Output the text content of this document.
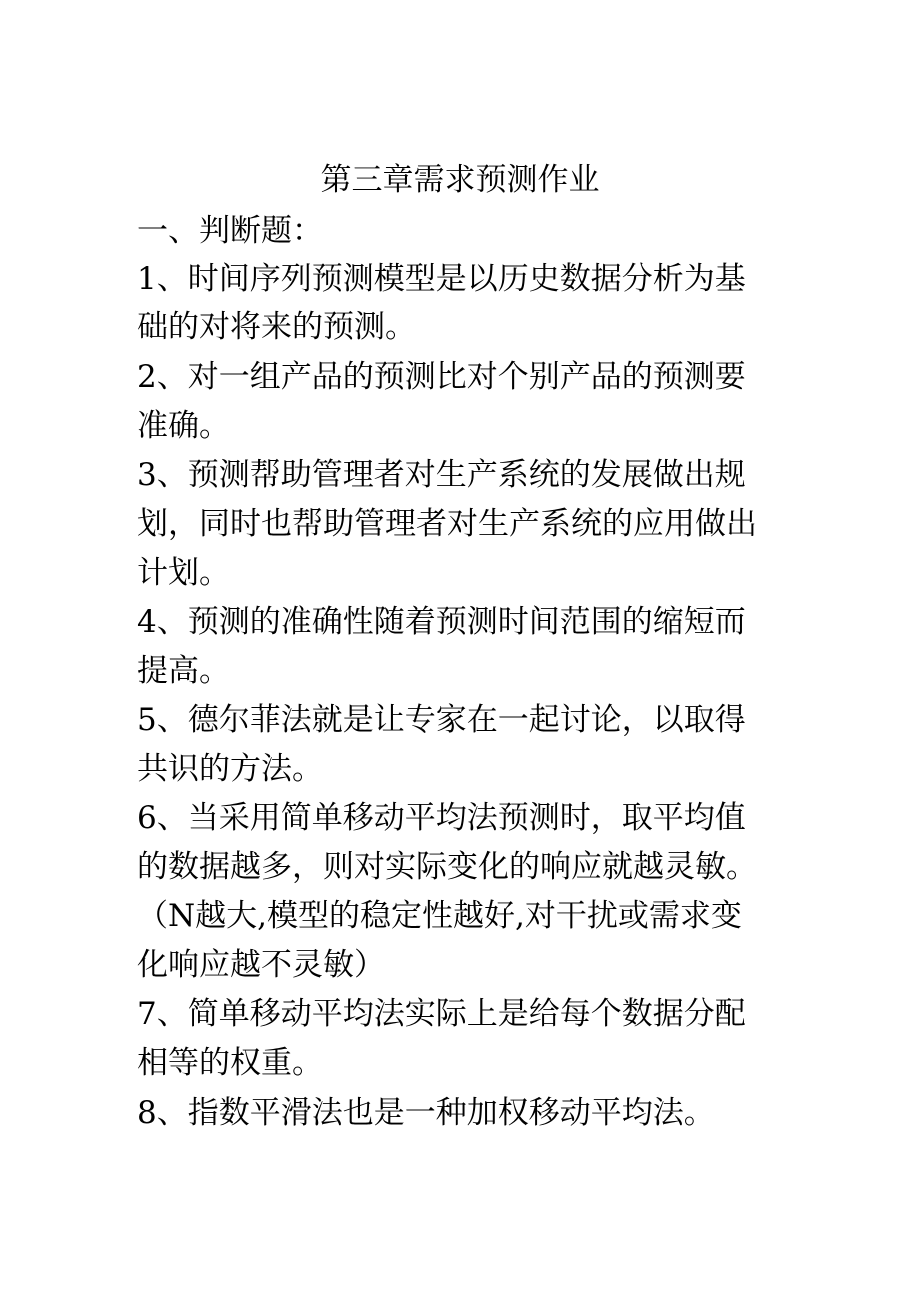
第三章需求预测作业
一、判断题：
1、时间序列预测模型是以历史数据分析为基
础的对将来的预测。
2、对一组产品的预测比对个别产品的预测要
准确。
3、预测帮助管理者对生产系统的发展做出规
划，同时也帮助管理者对生产系统的应用做出
计划。
4、预测的准确性随着预测时间范围的缩短而
提高。
5、德尔菲法就是让专家在一起讨论，以取得
共识的方法。
6、当采用简单移动平均法预测时，取平均值
的数据越多，则对实际变化的响应就越灵敏。
（N越大,模型的稳定性越好,对干扰或需求变
化响应越不灵敏）
7、简单移动平均法实际上是给每个数据分配
相等的权重。
8、指数平滑法也是一种加权移动平均法。
